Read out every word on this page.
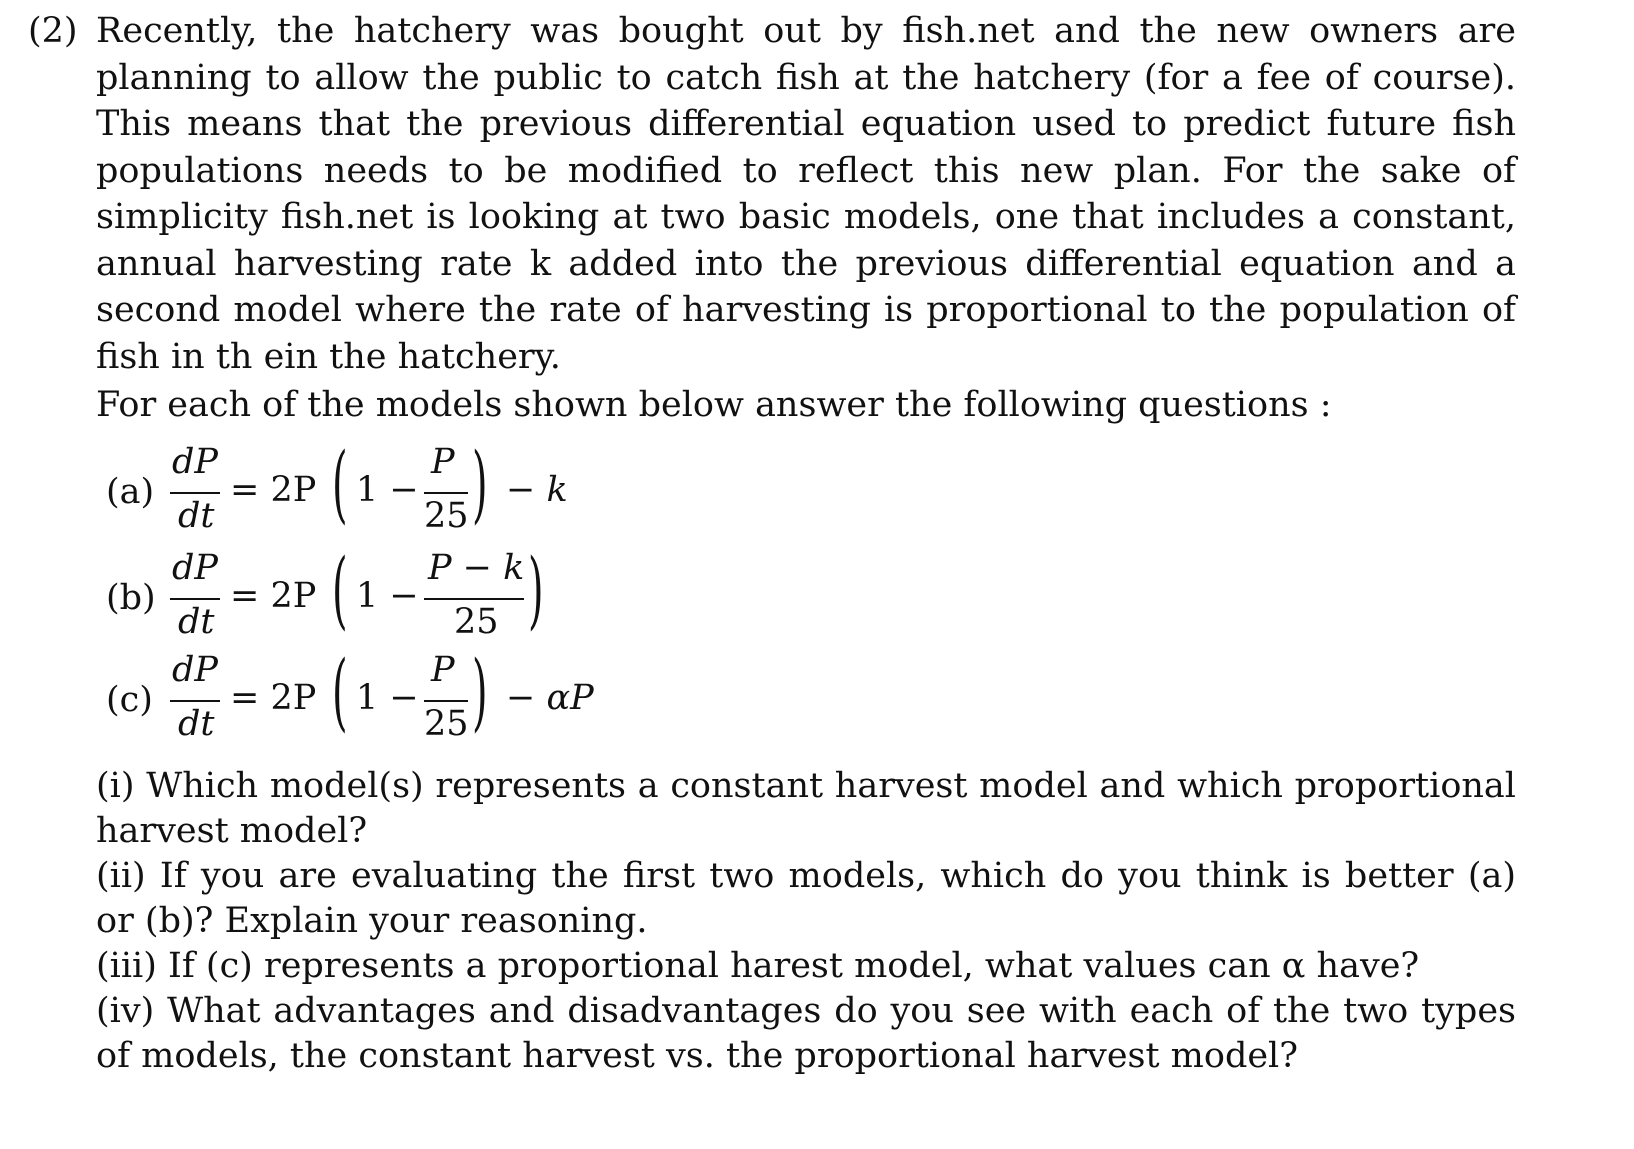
(2) Recently, the hatchery was bought out by fish.net and the new owners are planning to allow the public to catch fish at the hatchery (for a fee of course). This means that the previous differential equation used to predict future fish populations needs to be modified to reflect this new plan. For the sake of simplicity fish.net is looking at two basic models, one that includes a constant, annual harvesting rate k added into the previous differential equation and a second model where the rate of harvesting is proportional to the population of fish in th ein the hatchery.
For each of the models shown below answer the following questions :
(a)
dP
dt
= 2P ( 1 −
P
25 ) − k
(b)
dP
dt
= 2P ( 1 −
P − k
25 )
(c)
dP
dt
= 2P ( 1 −
P
25 ) − αP

(i) Which model(s) represents a constant harvest model and which proportional harvest model?

(ii) If you are evaluating the first two models, which do you think is better (a) or (b)? Explain your reasoning.

(iii) If (c) represents a proportional harest model, what values can α have?

(iv) What advantages and disadvantages do you see with each of the two types of models, the constant harvest vs. the proportional harvest model?
